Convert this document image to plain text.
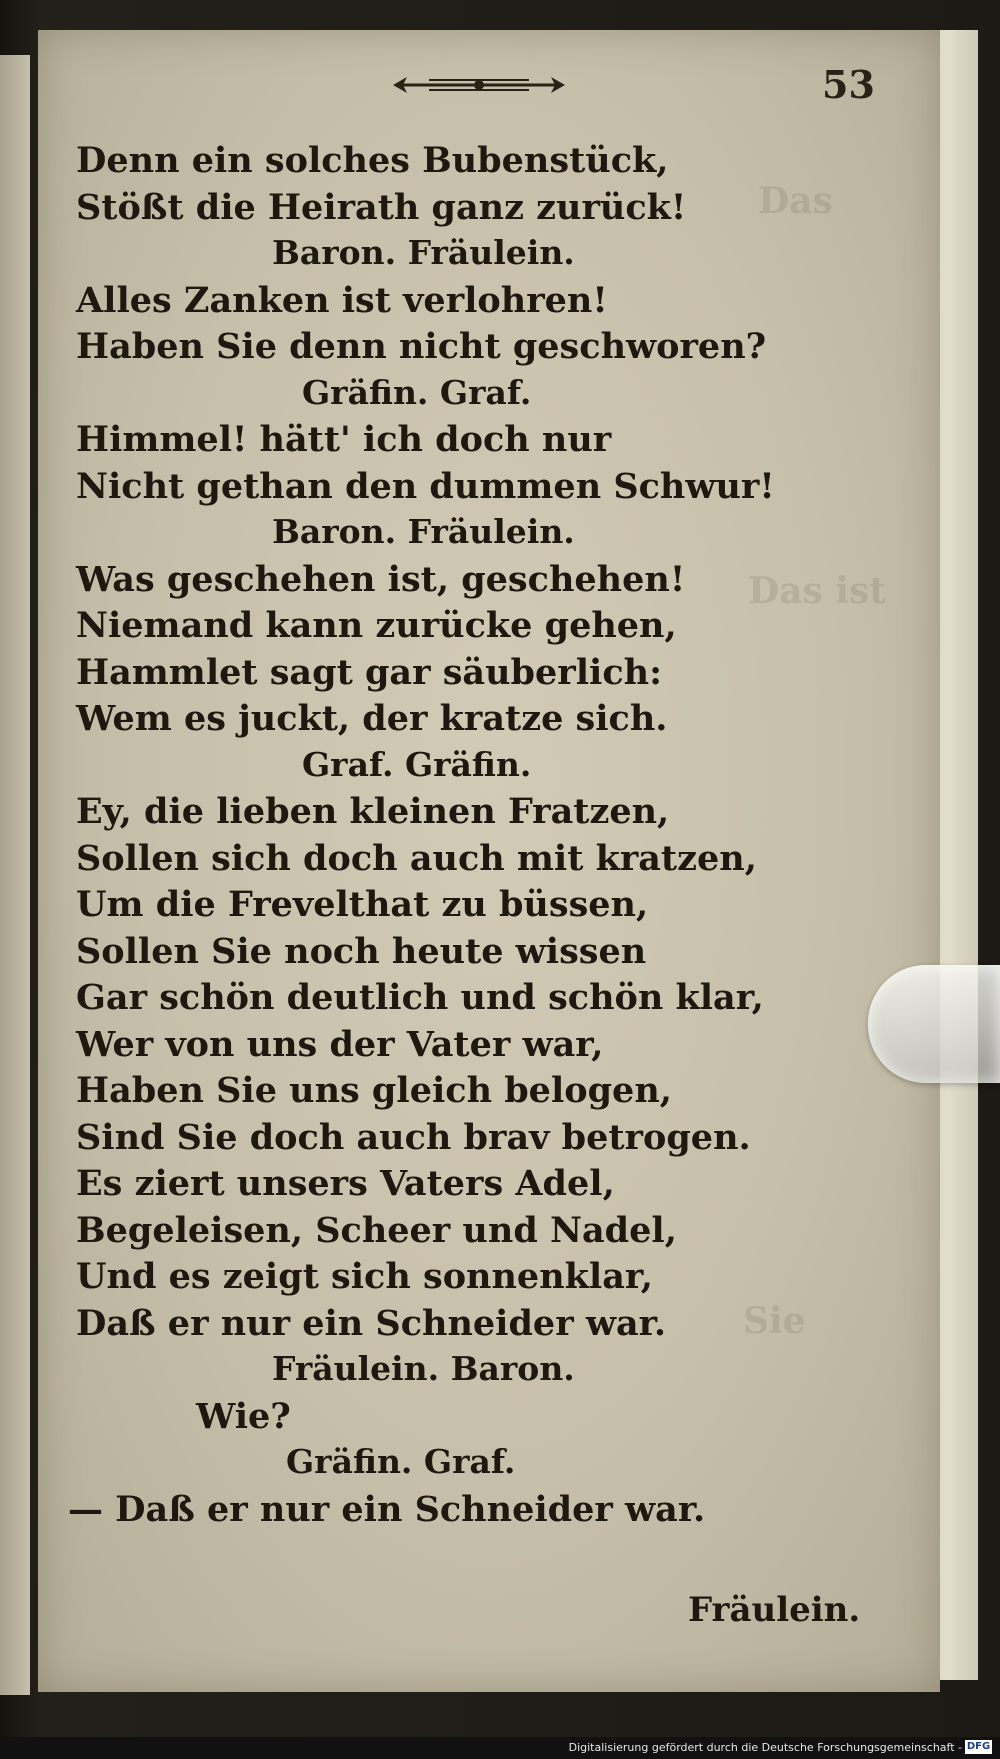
Das
Das ist
Sie
53
Denn ein solches Bubenstück,
Stößt die Heirath ganz zurück!
Baron. Fräulein.
Alles Zanken ist verlohren!
Haben Sie denn nicht geschworen?
Gräfin. Graf.
Himmel! hätt' ich doch nur
Nicht gethan den dummen Schwur!
Baron. Fräulein.
Was geschehen ist, geschehen!
Niemand kann zurücke gehen,
Hammlet sagt gar säuberlich:
Wem es juckt, der kratze sich.
Graf. Gräfin.
Ey, die lieben kleinen Fratzen,
Sollen sich doch auch mit kratzen,
Um die Frevelthat zu büssen,
Sollen Sie noch heute wissen
Gar schön deutlich und schön klar,
Wer von uns der Vater war,
Haben Sie uns gleich belogen,
Sind Sie doch auch brav betrogen.
Es ziert unsers Vaters Adel,
Begeleisen, Scheer und Nadel,
Und es zeigt sich sonnenklar,
Daß er nur ein Schneider war.
Fräulein. Baron.
Wie?
Gräfin. Graf.
— Daß er nur ein Schneider war.
Fräulein.
Digitalisierung gefördert durch die Deutsche Forschungsgemeinschaft - DFG
